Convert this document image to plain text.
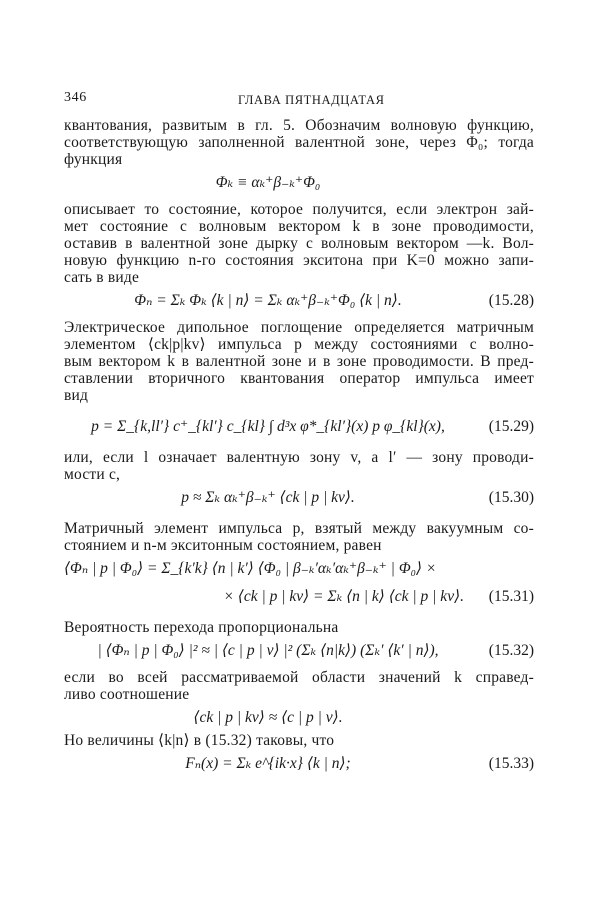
346	ГЛАВА ПЯТНАДЦАТАЯ
квантования, развитым в гл. 5. Обозначим волновую функцию,
соответствующую заполненной валентной зоне, через Φ₀; тогда
функция
Φₖ ≡ αₖ⁺β₋ₖ⁺Φ₀
описывает то состояние, которое получится, если электрон зай-
мет состояние с волновым вектором k в зоне проводимости,
оставив в валентной зоне дырку с волновым вектором —k. Вол-
новую функцию n-го состояния экситона при K=0 можно запи-
сать в виде
Φₙ = Σₖ Φₖ ⟨k | n⟩ = Σₖ αₖ⁺β₋ₖ⁺Φ₀ ⟨k | n⟩.	(15.28)
Электрическое дипольное поглощение определяется матричным
элементом ⟨ck|p|kv⟩ импульса p между состояниями с волно-
вым вектором k в валентной зоне и в зоне проводимости. В пред-
ставлении вторичного квантования оператор импульса имеет
вид
p = Σ_{k,ll′} c⁺_{kl′} c_{kl} ∫ d³x φ*_{kl′}(x) p φ_{kl}(x),	(15.29)
или, если l означает валентную зону v, а l′ — зону проводи-
мости c,
p ≈ Σₖ αₖ⁺β₋ₖ⁺ ⟨ck | p | kv⟩.	(15.30)
Матричный элемент импульса p, взятый между вакуумным со-
стоянием и n-м экситонным состоянием, равен
⟨Φₙ | p | Φ₀⟩ = Σ_{k′k} ⟨n | k′⟩ ⟨Φ₀ | β₋ₖ′αₖ′αₖ⁺β₋ₖ⁺ | Φ₀⟩ ×
× ⟨ck | p | kv⟩ = Σₖ ⟨n | k⟩ ⟨ck | p | kv⟩.	(15.31)
Вероятность перехода пропорциональна
| ⟨Φₙ | p | Φ₀⟩ |² ≈ | ⟨c | p | v⟩ |² (Σₖ ⟨n|k⟩) (Σₖ′ ⟨k′ | n⟩),	(15.32)
если во всей рассматриваемой области значений k справед-
ливо соотношение
⟨ck | p | kv⟩ ≈ ⟨c | p | v⟩.
Но величины ⟨k|n⟩ в (15.32) таковы, что
Fₙ(x) = Σₖ e^{ik·x} ⟨k | n⟩;	(15.33)
